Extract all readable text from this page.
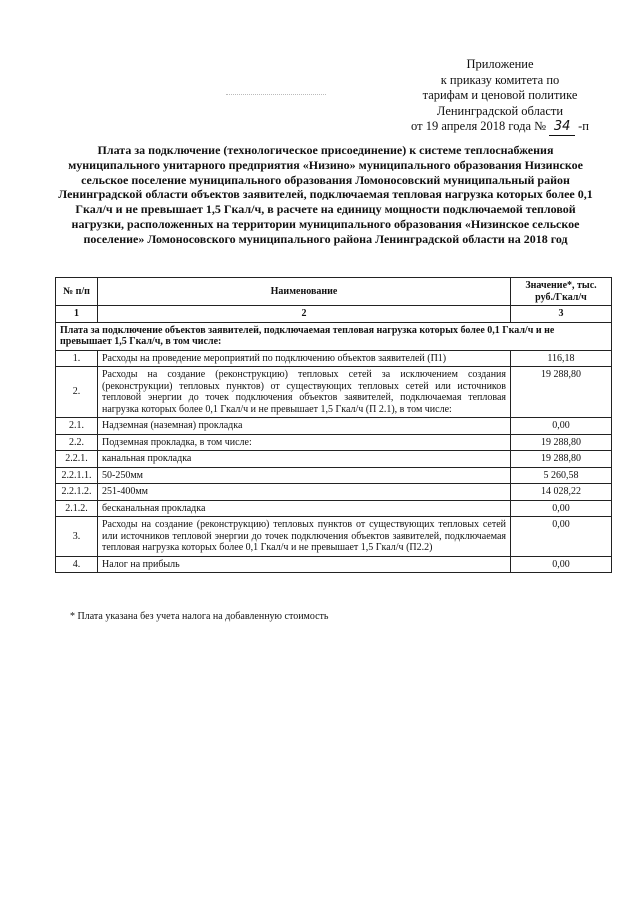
Приложение
к приказу комитета по
тарифам и ценовой политике
Ленинградской области
от 19 апреля 2018 года № 34 -п
Плата за подключение (технологическое присоединение) к системе теплоснабжения муниципального унитарного предприятия «Низино» муниципального образования Низинское сельское поселение муниципального образования Ломоносовский муниципальный район Ленинградской области объектов заявителей, подключаемая тепловая нагрузка которых более 0,1 Гкал/ч и не превышает 1,5 Гкал/ч, в расчете на единицу мощности подключаемой тепловой нагрузки, расположенных на территории муниципального образования «Низинское сельское поселение» Ломоносовского муниципального района Ленинградской области на 2018 год
№ п/п	Наименование	Значение*, тыс. руб./Гкал/ч
1	2	3
Плата за подключение объектов заявителей, подключаемая тепловая нагрузка которых более 0,1 Гкал/ч и не превышает 1,5 Гкал/ч, в том числе:		
1.	Расходы на проведение мероприятий по подключению объектов заявителей (П1)	116,18
2.	Расходы на создание (реконструкцию) тепловых сетей за исключением создания (реконструкции) тепловых пунктов) от существующих тепловых сетей или источников тепловой энергии до точек подключения объектов заявителей, подключаемая тепловая нагрузка которых более 0,1 Гкал/ч и не превышает 1,5 Гкал/ч (П 2.1), в том числе:	19 288,80
2.1.	Надземная (наземная) прокладка	0,00
2.2.	Подземная прокладка, в том числе:	19 288,80
2.2.1.	канальная прокладка	19 288,80
2.2.1.1.	50-250мм	5 260,58
2.2.1.2.	251-400мм	14 028,22
2.1.2.	бесканальная прокладка	0,00
3.	Расходы на создание (реконструкцию) тепловых пунктов от существующих тепловых сетей или источников тепловой энергии до точек подключения объектов заявителей, подключаемая тепловая нагрузка которых более 0,1 Гкал/ч и не превышает 1,5 Гкал/ч (П2.2)	0,00
4.	Налог на прибыль	0,00
* Плата указана без учета налога на добавленную стоимость
